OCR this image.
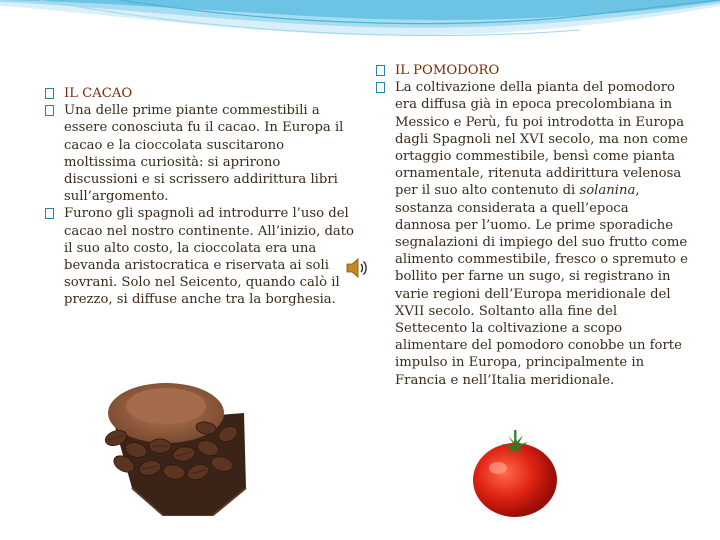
IL CACAO

Una delle prime piante commestibili a essere conosciuta fu il cacao. In Europa il cacao e la cioccolata suscitarono moltissima curiosità: si aprirono discussioni e si scrissero addirittura libri sull’argomento.

Furono gli spagnoli ad introdurre l’uso del cacao nel nostro continente. All’inizio, dato il suo alto costo, la cioccolata era una bevanda aristocratica e riservata ai soli sovrani. Solo nel Seicento, quando calò il prezzo, si diffuse anche tra la borghesia.

IL POMODORO

La coltivazione della pianta del pomodoro era diffusa già in epoca precolombiana in Messico e Perù, fu poi introdotta in Europa dagli Spagnoli nel XVI secolo, ma non come ortaggio commestibile, bensì come pianta ornamentale, ritenuta addirittura velenosa per il suo alto contenuto di solanina, sostanza considerata a quell’epoca dannosa per l’uomo. Le prime sporadiche segnalazioni di impiego del suo frutto come alimento commestibile, fresco o spremuto e bollito per farne un sugo, si registrano in varie regioni dell’Europa meridionale del XVII secolo. Soltanto alla fine del Settecento la coltivazione a scopo alimentare del pomodoro conobbe un forte impulso in Europa, principalmente in Francia e nell’Italia meridionale.
